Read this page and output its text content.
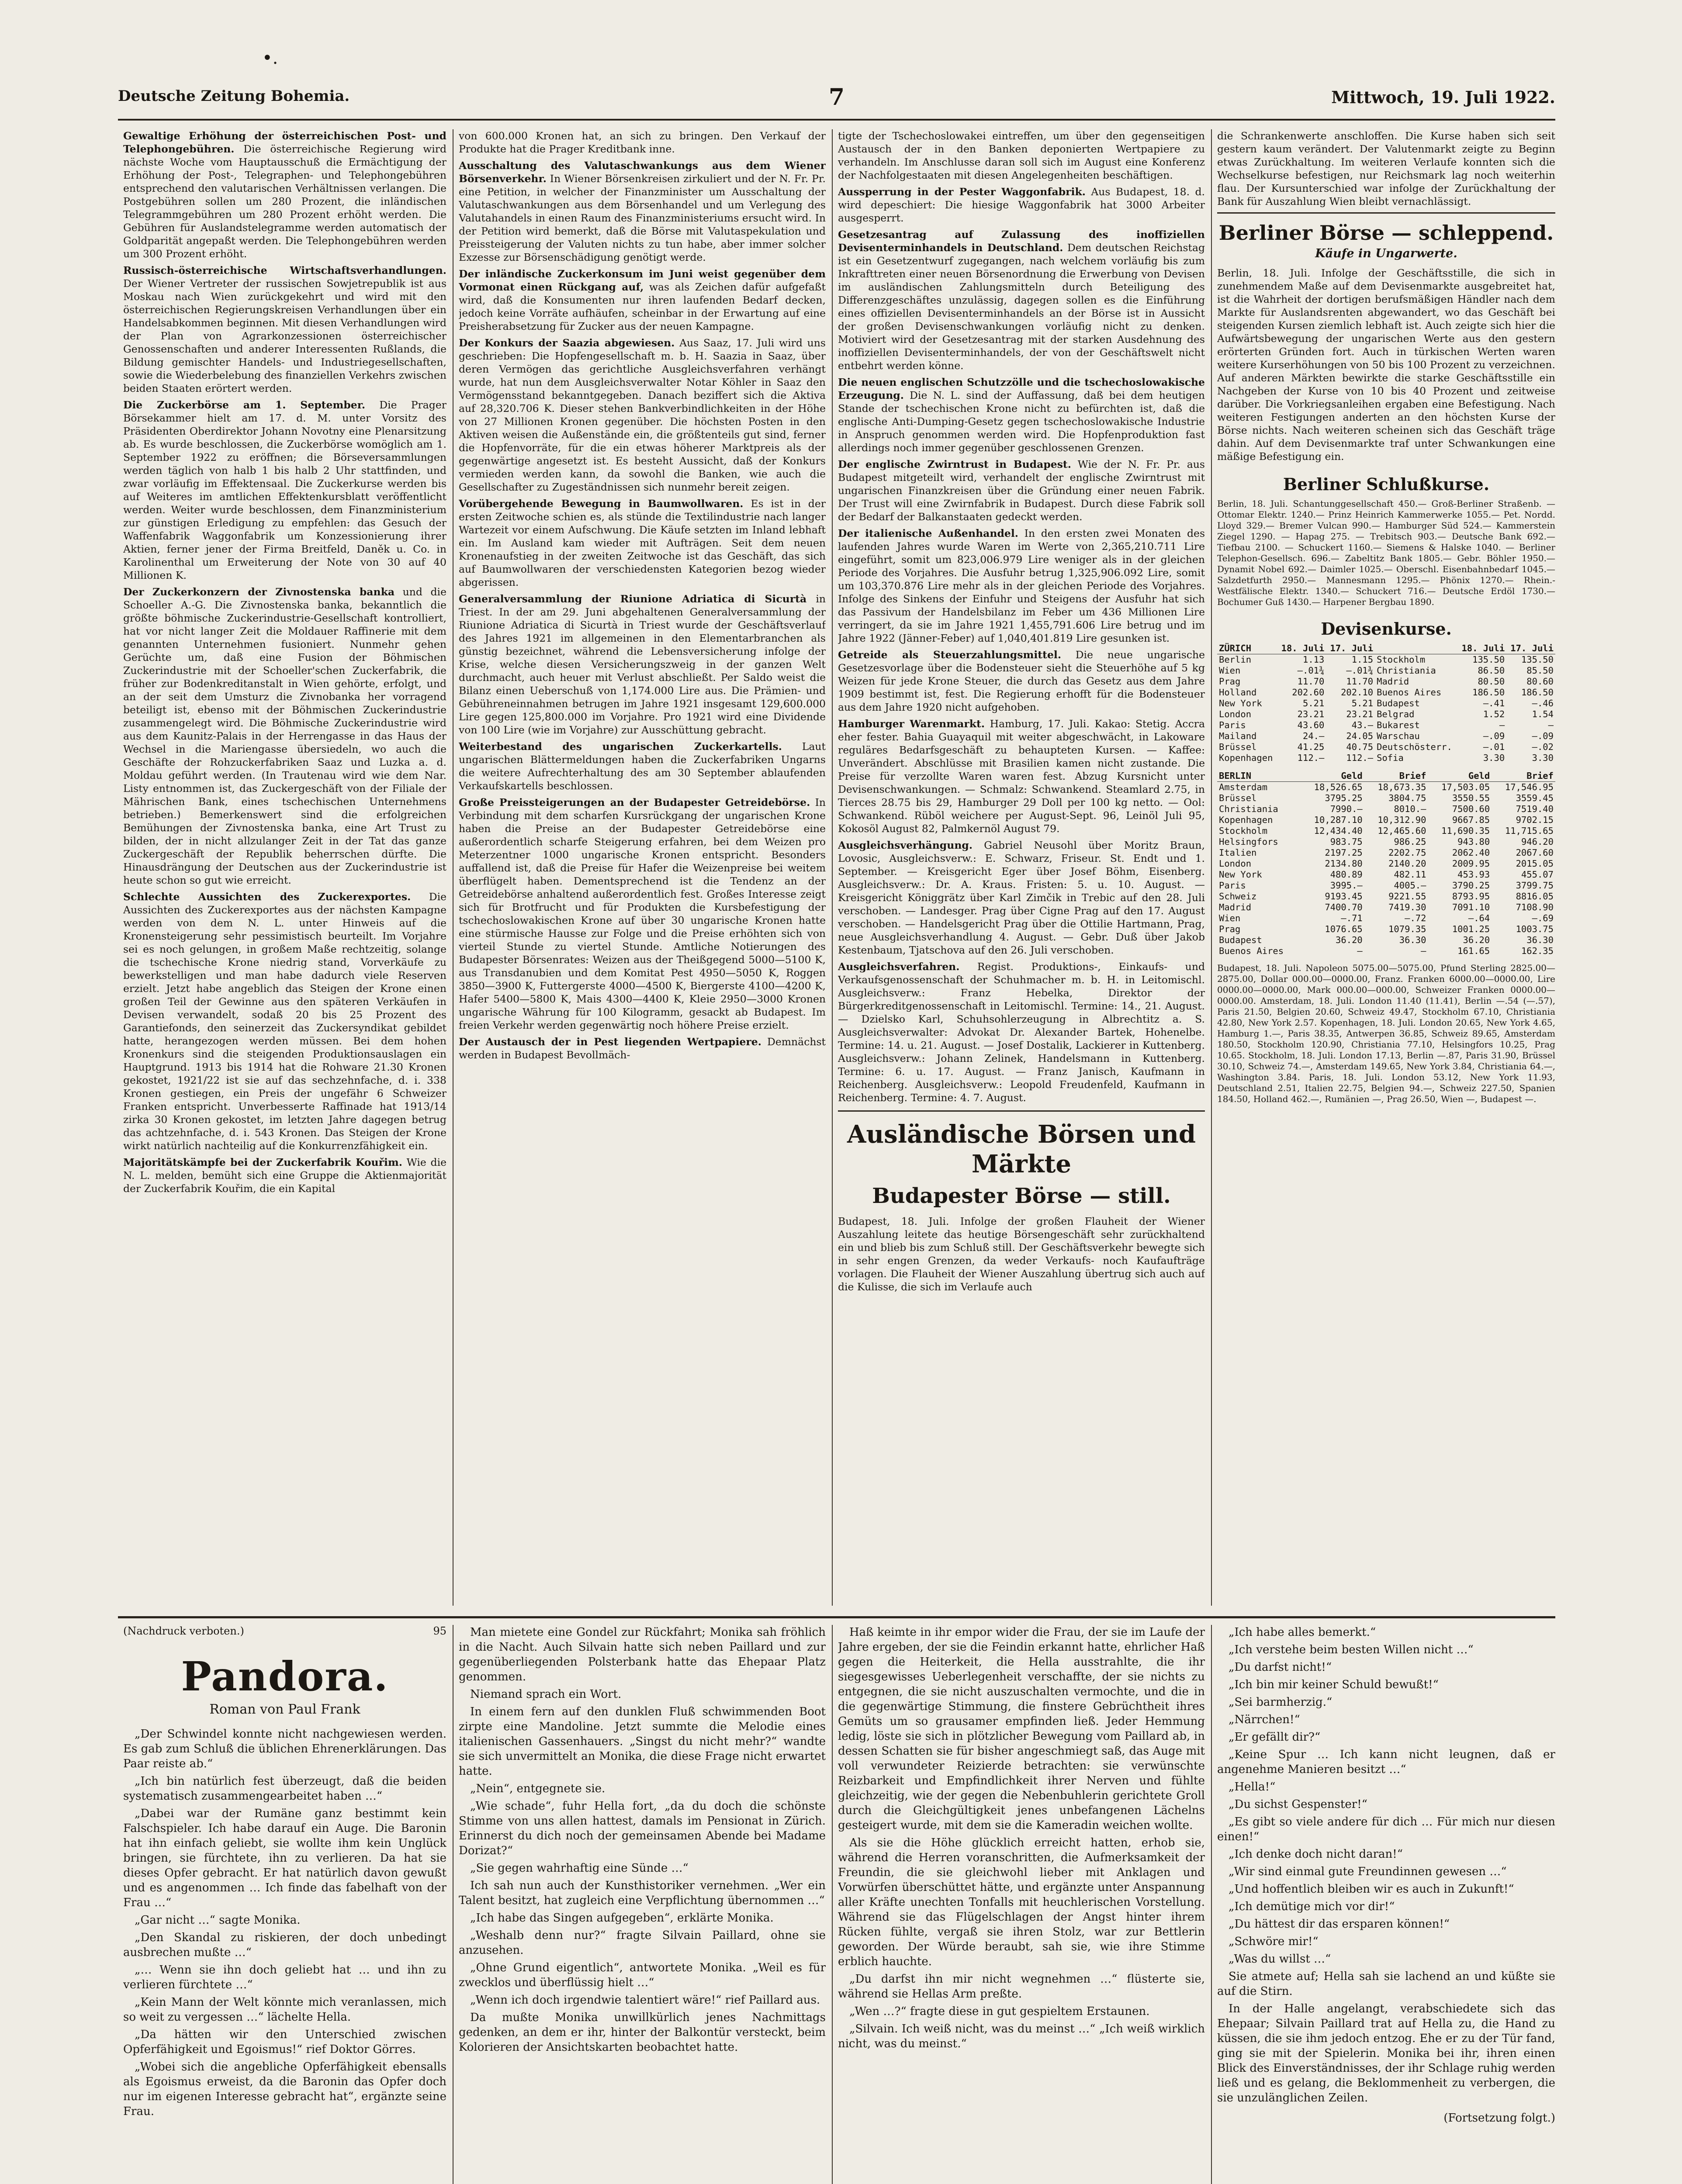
•.
Deutsche Zeitung Bohemia.	7	Mittwoch, 19. Juli 1922.

Gewaltige Erhöhung der österreichischen Post- und Telephongebühren. Die österreichische Regierung wird nächste Woche vom Hauptausschuß die Ermächtigung der Erhöhung der Post-, Telegraphen- und Telephongebühren entsprechend den valutarischen Verhältnissen verlangen. Die Postgebühren sollen um 280 Prozent, die inländischen Telegrammgebühren um 280 Prozent erhöht werden. Die Gebühren für Auslandstelegramme werden automatisch der Goldparität angepaßt werden. Die Telephongebühren werden um 300 Prozent erhöht.

Russisch-österreichische Wirtschaftsverhandlungen. Der Wiener Vertreter der russischen Sowjetrepublik ist aus Moskau nach Wien zurückgekehrt und wird mit den österreichischen Regierungskreisen Verhandlungen über ein Handelsabkommen beginnen. Mit diesen Verhandlungen wird der Plan von Agrarkonzessionen österreichischer Genossenschaften und anderer Interessenten Rußlands, die Bildung gemischter Handels- und Industriegesellschaften, sowie die Wiederbelebung des finanziellen Verkehrs zwischen beiden Staaten erörtert werden.

Die Zuckerbörse am 1. September. Die Prager Börsekammer hielt am 17. d. M. unter Vorsitz des Präsidenten Oberdirektor Johann Novotny eine Plenarsitzung ab. Es wurde beschlossen, die Zuckerbörse womöglich am 1. September 1922 zu eröffnen; die Börseversammlungen werden täglich von halb 1 bis halb 2 Uhr stattfinden, und zwar vorläufig im Effektensaal. Die Zuckerkurse werden bis auf Weiteres im amtlichen Effektenkursblatt veröffentlicht werden. Weiter wurde beschlossen, dem Finanzministerium zur günstigen Erledigung zu empfehlen: das Gesuch der Waffenfabrik Waggonfabrik um Konzessionierung ihrer Aktien, ferner jener der Firma Breitfeld, Daněk u. Co. in Karolinenthal um Erweiterung der Note von 30 auf 40 Millionen K.

Der Zuckerkonzern der Zivnostenska banka und die Schoeller A.-G. Die Zivnostenska banka, bekanntlich die größte böhmische Zuckerindustrie-Gesellschaft kontrolliert, hat vor nicht langer Zeit die Moldauer Raffinerie mit dem genannten Unternehmen fusioniert. Nunmehr gehen Gerüchte um, daß eine Fusion der Böhmischen Zuckerindustrie mit der Schoeller'schen Zuckerfabrik, die früher zur Bodenkreditanstalt in Wien gehörte, erfolgt, und an der seit dem Umsturz die Zivnobanka her vorragend beteiligt ist, ebenso mit der Böhmischen Zuckerindustrie zusammengelegt wird. Die Böhmische Zuckerindustrie wird aus dem Kaunitz-Palais in der Herrengasse in das Haus der Wechsel in die Mariengasse übersiedeln, wo auch die Geschäfte der Rohzuckerfabriken Saaz und Luzka a. d. Moldau geführt werden. (In Trautenau wird wie dem Nar. Listy entnommen ist, das Zuckergeschäft von der Filiale der Mährischen Bank, eines tschechischen Unternehmens betrieben.) Bemerkenswert sind die erfolgreichen Bemühungen der Zivnostenska banka, eine Art Trust zu bilden, der in nicht allzulanger Zeit in der Tat das ganze Zuckergeschäft der Republik beherrschen dürfte. Die Hinausdrängung der Deutschen aus der Zuckerindustrie ist heute schon so gut wie erreicht.

Schlechte Aussichten des Zuckerexportes. Die Aussichten des Zuckerexportes aus der nächsten Kampagne werden von dem N. L. unter Hinweis auf die Kronensteigerung sehr pessimistisch beurteilt. Im Vorjahre sei es noch gelungen, in großem Maße rechtzeitig, solange die tschechische Krone niedrig stand, Vorverkäufe zu bewerkstelligen und man habe dadurch viele Reserven erzielt. Jetzt habe angeblich das Steigen der Krone einen großen Teil der Gewinne aus den späteren Verkäufen in Devisen verwandelt, sodaß 20 bis 25 Prozent des Garantiefonds, den seinerzeit das Zuckersyndikat gebildet hatte, herangezogen werden müssen. Bei dem hohen Kronenkurs sind die steigenden Produktionsauslagen ein Hauptgrund. 1913 bis 1914 hat die Rohware 21.30 Kronen gekostet, 1921/22 ist sie auf das sechzehnfache, d. i. 338 Kronen gestiegen, ein Preis der ungefähr 6 Schweizer Franken entspricht. Unverbesserte Raffinade hat 1913/14 zirka 30 Kronen gekostet, im letzten Jahre dagegen betrug das achtzehnfache, d. i. 543 Kronen. Das Steigen der Krone wirkt natürlich nachteilig auf die Konkurrenzfähigkeit ein.

Majoritätskämpfe bei der Zuckerfabrik Kouřim. Wie die N. L. melden, bemüht sich eine Gruppe die Aktienmajorität der Zuckerfabrik Kouřim, die ein Kapital

von 600.000 Kronen hat, an sich zu bringen. Den Verkauf der Produkte hat die Prager Kreditbank inne.

Ausschaltung des Valutaschwankungs aus dem Wiener Börsenverkehr. In Wiener Börsenkreisen zirkuliert und der N. Fr. Pr. eine Petition, in welcher der Finanzminister um Ausschaltung der Valutaschwankungen aus dem Börsenhandel und um Verlegung des Valutahandels in einen Raum des Finanzministeriums ersucht wird. In der Petition wird bemerkt, daß die Börse mit Valutaspekulation und Preissteigerung der Valuten nichts zu tun habe, aber immer solcher Exzesse zur Börsenschädigung genötigt werde.

Der inländische Zuckerkonsum im Juni weist gegenüber dem Vormonat einen Rückgang auf, was als Zeichen dafür aufgefaßt wird, daß die Konsumenten nur ihren laufenden Bedarf decken, jedoch keine Vorräte aufhäufen, scheinbar in der Erwartung auf eine Preisherabsetzung für Zucker aus der neuen Kampagne.

Der Konkurs der Saazia abgewiesen. Aus Saaz, 17. Juli wird uns geschrieben: Die Hopfengesellschaft m. b. H. Saazia in Saaz, über deren Vermögen das gerichtliche Ausgleichsverfahren verhängt wurde, hat nun dem Ausgleichsverwalter Notar Köhler in Saaz den Vermögensstand bekanntgegeben. Danach beziffert sich die Aktiva auf 28,320.706 K. Dieser stehen Bankverbindlichkeiten in der Höhe von 27 Millionen Kronen gegenüber. Die höchsten Posten in den Aktiven weisen die Außenstände ein, die größtenteils gut sind, ferner die Hopfenvorräte, für die ein etwas höherer Marktpreis als der gegenwärtige angesetzt ist. Es besteht Aussicht, daß der Konkurs vermieden werden kann, da sowohl die Banken, wie auch die Gesellschafter zu Zugeständnissen sich nunmehr bereit zeigen.

Vorübergehende Bewegung in Baumwollwaren. Es ist in der ersten Zeitwoche schien es, als stünde die Textilindustrie nach langer Wartezeit vor einem Aufschwung. Die Käufe setzten im Inland lebhaft ein. Im Ausland kam wieder mit Aufträgen. Seit dem neuen Kronenaufstieg in der zweiten Zeitwoche ist das Geschäft, das sich auf Baumwollwaren der verschiedensten Kategorien bezog wieder abgerissen.

Generalversammlung der Riunione Adriatica di Sicurtà in Triest. In der am 29. Juni abgehaltenen Generalversammlung der Riunione Adriatica di Sicurtà in Triest wurde der Geschäftsverlauf des Jahres 1921 im allgemeinen in den Elementarbranchen als günstig bezeichnet, während die Lebensversicherung infolge der Krise, welche diesen Versicherungszweig in der ganzen Welt durchmacht, auch heuer mit Verlust abschließt. Per Saldo weist die Bilanz einen Ueberschuß von 1,174.000 Lire aus. Die Prämien- und Gebühreneinnahmen betrugen im Jahre 1921 insgesamt 129,600.000 Lire gegen 125,800.000 im Vorjahre. Pro 1921 wird eine Dividende von 100 Lire (wie im Vorjahre) zur Ausschüttung gebracht.

Weiterbestand des ungarischen Zuckerkartells. Laut ungarischen Blättermeldungen haben die Zuckerfabriken Ungarns die weitere Aufrechterhaltung des am 30 September ablaufenden Verkaufskartells beschlossen.

Große Preissteigerungen an der Budapester Getreidebörse. In Verbindung mit dem scharfen Kursrückgang der ungarischen Krone haben die Preise an der Budapester Getreidebörse eine außerordentlich scharfe Steigerung erfahren, bei dem Weizen pro Meterzentner 1000 ungarische Kronen entspricht. Besonders auffallend ist, daß die Preise für Hafer die Weizenpreise bei weitem überflügelt haben. Dementsprechend ist die Tendenz an der Getreidebörse anhaltend außerordentlich fest. Großes Interesse zeigt sich für Brotfrucht und für Produkten die Kursbefestigung der tschechoslowakischen Krone auf über 30 ungarische Kronen hatte eine stürmische Hausse zur Folge und die Preise erhöhten sich von vierteil Stunde zu viertel Stunde. Amtliche Notierungen des Budapester Börsenrates: Weizen aus der Theißgegend 5000—5100 K, aus Transdanubien und dem Komitat Pest 4950—5050 K, Roggen 3850—3900 K, Futtergerste 4000—4500 K, Biergerste 4100—4200 K, Hafer 5400—5800 K, Mais 4300—4400 K, Kleie 2950—3000 Kronen ungarische Währung für 100 Kilogramm, gesackt ab Budapest. Im freien Verkehr werden gegenwärtig noch höhere Preise erzielt.

Der Austausch der in Pest liegenden Wertpapiere. Demnächst werden in Budapest Bevollmäch-

tigte der Tschechoslowakei eintreffen, um über den gegenseitigen Austausch der in den Banken deponierten Wertpapiere zu verhandeln. Im Anschlusse daran soll sich im August eine Konferenz der Nachfolgestaaten mit diesen Angelegenheiten beschäftigen.

Aussperrung in der Pester Waggonfabrik. Aus Budapest, 18. d. wird depeschiert: Die hiesige Waggonfabrik hat 3000 Arbeiter ausgesperrt.

Gesetzesantrag auf Zulassung des inoffiziellen Devisenterminhandels in Deutschland. Dem deutschen Reichstag ist ein Gesetzentwurf zugegangen, nach welchem vorläufig bis zum Inkrafttreten einer neuen Börsenordnung die Erwerbung von Devisen im ausländischen Zahlungsmitteln durch Beteiligung des Differenzgeschäftes unzulässig, dagegen sollen es die Einführung eines offiziellen Devisenterminhandels an der Börse ist in Aussicht der großen Devisenschwankungen vorläufig nicht zu denken. Motiviert wird der Gesetzesantrag mit der starken Ausdehnung des inoffiziellen Devisenterminhandels, der von der Geschäftswelt nicht entbehrt werden könne.

Die neuen englischen Schutzzölle und die tschechoslowakische Erzeugung. Die N. L. sind der Auffassung, daß bei dem heutigen Stande der tschechischen Krone nicht zu befürchten ist, daß die englische Anti-Dumping-Gesetz gegen tschechoslowakische Industrie in Anspruch genommen werden wird. Die Hopfenproduktion fast allerdings noch immer gegenüber geschlossenen Grenzen.

Der englische Zwirntrust in Budapest. Wie der N. Fr. Pr. aus Budapest mitgeteilt wird, verhandelt der englische Zwirntrust mit ungarischen Finanzkreisen über die Gründung einer neuen Fabrik. Der Trust will eine Zwirnfabrik in Budapest. Durch diese Fabrik soll der Bedarf der Balkanstaaten gedeckt werden.

Der italienische Außenhandel. In den ersten zwei Monaten des laufenden Jahres wurde Waren im Werte von 2,365,210.711 Lire eingeführt, somit um 823,006.979 Lire weniger als in der gleichen Periode des Vorjahres. Die Ausfuhr betrug 1,325,906.092 Lire, somit um 103,370.876 Lire mehr als in der gleichen Periode des Vorjahres. Infolge des Sinkens der Einfuhr und Steigens der Ausfuhr hat sich das Passivum der Handelsbilanz im Feber um 436 Millionen Lire verringert, da sie im Jahre 1921 1,455,791.606 Lire betrug und im Jahre 1922 (Jänner-Feber) auf 1,040,401.819 Lire gesunken ist.

Getreide als Steuerzahlungsmittel. Die neue ungarische Gesetzesvorlage über die Bodensteuer sieht die Steuerhöhe auf 5 kg Weizen für jede Krone Steuer, die durch das Gesetz aus dem Jahre 1909 bestimmt ist, fest. Die Regierung erhofft für die Bodensteuer aus dem Jahre 1920 nicht aufgehoben.

Hamburger Warenmarkt. Hamburg, 17. Juli. Kakao: Stetig. Accra eher fester. Bahia Guayaquil mit weiter abgeschwächt, in Lakoware reguläres Bedarfsgeschäft zu behaupteten Kursen. — Kaffee: Unverändert. Abschlüsse mit Brasilien kamen nicht zustande. Die Preise für verzollte Waren waren fest. Abzug Kursnicht unter Devisenschwankungen. — Schmalz: Schwankend. Steamlard 2.75, in Tierces 28.75 bis 29, Hamburger 29 Doll per 100 kg netto. — Ool: Schwankend. Rüböl weichere per August-Sept. 96, Leinöl Juli 95, Kokosöl August 82, Palmkernöl August 79.

Ausgleichsverhängung. Gabriel Neusohl über Moritz Braun, Lovosic, Ausgleichsverw.: E. Schwarz, Friseur. St. Endt und 1. September. — Kreisgericht Eger über Josef Böhm, Eisenberg. Ausgleichsverw.: Dr. A. Kraus. Fristen: 5. u. 10. August. — Kreisgericht Königgrätz über Karl Zimčik in Trebic auf den 28. Juli verschoben. — Landesger. Prag über Cigne Prag auf den 17. August verschoben. — Handelsgericht Prag über die Ottilie Hartmann, Prag, neue Ausgleichsverhandlung 4. August. — Gebr. Duß über Jakob Kestenbaum, Tjatschova auf den 26. Juli verschoben.

Ausgleichsverfahren. Regist. Produktions-, Einkaufs- und Verkaufsgenossenschaft der Schuhmacher m. b. H. in Leitomischl. Ausgleichsverw.: Franz Hebelka, Direktor der Bürgerkreditgenossenschaft in Leitomischl. Termine: 14., 21. August. — Dzielsko Karl, Schuhsohlerzeugung in Albrechtitz a. S. Ausgleichsverwalter: Advokat Dr. Alexander Bartek, Hohenelbe. Termine: 14. u. 21. August. — Josef Dostalik, Lackierer in Kuttenberg. Ausgleichsverw.: Johann Zelinek, Handelsmann in Kuttenberg. Termine: 6. u. 17. August. — Franz Janisch, Kaufmann in Reichenberg. Ausgleichsverw.: Leopold Freudenfeld, Kaufmann in Reichenberg. Termine: 4. 7. August.

Ausländische Börsen und Märkte
Budapester Börse — still.

Budapest, 18. Juli. Infolge der großen Flauheit der Wiener Auszahlung leitete das heutige Börsengeschäft sehr zurückhaltend ein und blieb bis zum Schluß still. Der Geschäftsverkehr bewegte sich in sehr engen Grenzen, da weder Verkaufs- noch Kaufaufträge vorlagen. Die Flauheit der Wiener Auszahlung übertrug sich auch auf die Kulisse, die sich im Verlaufe auch

die Schrankenwerte anschloffen. Die Kurse haben sich seit gestern kaum verändert. Der Valutenmarkt zeigte zu Beginn etwas Zurückhaltung. Im weiteren Verlaufe konnten sich die Wechselkurse befestigen, nur Reichsmark lag noch weiterhin flau. Der Kursunterschied war infolge der Zurückhaltung der Bank für Auszahlung Wien bleibt vernachlässigt.

Berliner Börse — schleppend.
Käufe in Ungarwerte.

Berlin, 18. Juli. Infolge der Geschäftsstille, die sich in zunehmendem Maße auf dem Devisenmarkte ausgebreitet hat, ist die Wahrheit der dortigen berufsmäßigen Händler nach dem Markte für Auslandsrenten abgewandert, wo das Geschäft bei steigenden Kursen ziemlich lebhaft ist. Auch zeigte sich hier die Aufwärtsbewegung der ungarischen Werte aus den gestern erörterten Gründen fort. Auch in türkischen Werten waren weitere Kurserhöhungen von 50 bis 100 Prozent zu verzeichnen. Auf anderen Märkten bewirkte die starke Geschäftsstille ein Nachgeben der Kurse von 10 bis 40 Prozent und zeitweise darüber. Die Vorkriegsanleihen ergaben eine Befestigung. Nach weiteren Festigungen anderten an den höchsten Kurse der Börse nichts. Nach weiteren scheinen sich das Geschäft träge dahin. Auf dem Devisenmarkte traf unter Schwankungen eine mäßige Befestigung ein.

Berliner Schlußkurse.

Berlin, 18. Juli. Schantunggesellschaft 450.— Groß-Berliner Straßenb. — Ottomar Elektr. 1240.— Prinz Heinrich Kammerwerke 1055.— Pet. Nordd. Lloyd 329.— Bremer Vulcan 990.— Hamburger Süd 524.— Kammerstein Ziegel 1290. — Hapag 275. — Trebitsch 903.— Deutsche Bank 692.— Tiefbau 2100. — Schuckert 1160.— Siemens & Halske 1040. — Berliner Telephon-Gesellsch. 696.— Zabeltitz Bank 1805.— Gebr. Böhler 1950.— Dynamit Nobel 692.— Daimler 1025.— Oberschl. Eisenbahnbedarf 1045.— Salzdetfurth 2950.— Mannesmann 1295.— Phönix 1270.— Rhein.-Westfälische Elektr. 1340.— Schuckert 716.— Deutsche Erdöl 1730.— Bochumer Guß 1430.— Harpener Bergbau 1890.

Devisenkurse.
ZÜRICH	18. Juli	17. Juli		18. Juli	17. Juli
Berlin	1.13	1.15	Stockholm	135.50	135.50
Wien	—.01¾	—.01¾	Christiania	86.50	85.50
Prag	11.70	11.70	Madrid	80.50	80.60
Holland	202.60	202.10	Buenos Aires	186.50	186.50
New York	5.21	5.21	Budapest	—.41	—.46
London	23.21	23.21	Belgrad	1.52	1.54
Paris	43.60	43.—	Bukarest	—	—
Mailand	24.—	24.05	Warschau	—.09	—.09
Brüssel	41.25	40.75	Deutschösterr.	—.01	—.02
Kopenhagen	112.—	112.—	Sofia	3.30	3.30
BERLIN	Geld	Brief	Geld	Brief
Amsterdam	18,526.65	18,673.35	17,503.05	17,546.95
Brüssel	3795.25	3804.75	3550.55	3559.45
Christiania	7990.—	8010.—	7500.60	7519.40
Kopenhagen	10,287.10	10,312.90	9667.85	9702.15
Stockholm	12,434.40	12,465.60	11,690.35	11,715.65
Helsingfors	983.75	986.25	943.80	946.20
Italien	2197.25	2202.75	2062.40	2067.60
London	2134.80	2140.20	2009.95	2015.05
New York	480.89	482.11	453.93	455.07
Paris	3995.—	4005.—	3790.25	3799.75
Schweiz	9193.45	9221.55	8793.95	8816.05
Madrid	7400.70	7419.30	7091.10	7108.90
Wien	—.71	—.72	—.64	—.69
Prag	1076.65	1079.35	1001.25	1003.75
Budapest	36.20	36.30	36.20	36.30
Buenos Aires	—	—	161.65	162.35

Budapest, 18. Juli. Napoleon 5075.00—5075.00, Pfund Sterling 2825.00—2875.00, Dollar 000.00—0000.00, Franz. Franken 6000.00—0000.00, Lire 0000.00—0000.00, Mark 000.00—000.00, Schweizer Franken 0000.00—0000.00. Amsterdam, 18. Juli. London 11.40 (11.41), Berlin —.54 (—.57), Paris 21.50, Belgien 20.60, Schweiz 49.47, Stockholm 67.10, Christiania 42.80, New York 2.57. Kopenhagen, 18. Juli. London 20.65, New York 4.65, Hamburg 1.—, Paris 38.35, Antwerpen 36.85, Schweiz 89.65, Amsterdam 180.50, Stockholm 120.90, Christiania 77.10, Helsingfors 10.25, Prag 10.65. Stockholm, 18. Juli. London 17.13, Berlin —.87, Paris 31.90, Brüssel 30.10, Schweiz 74.—, Amsterdam 149.65, New York 3.84, Christiania 64.—, Washington 3.84. Paris, 18. Juli. London 53.12, New York 11.93, Deutschland 2.51, Italien 22.75, Belgien 94.—, Schweiz 227.50, Spanien 184.50, Holland 462.—, Rumänien —, Prag 26.50, Wien —, Budapest —.

(Nachdruck verboten.)	95
Pandora.
Roman von Paul Frank

„Der Schwindel konnte nicht nachgewiesen werden. Es gab zum Schluß die üblichen Ehrenerklärungen. Das Paar reiste ab.“

„Ich bin natürlich fest überzeugt, daß die beiden systematisch zusammengearbeitet haben …“

„Dabei war der Rumäne ganz bestimmt kein Falschspieler. Ich habe darauf ein Auge. Die Baronin hat ihn einfach geliebt, sie wollte ihm kein Unglück bringen, sie fürchtete, ihn zu verlieren. Da hat sie dieses Opfer gebracht. Er hat natürlich davon gewußt und es angenommen … Ich finde das fabelhaft von der Frau …“

„Gar nicht …“ sagte Monika.

„Den Skandal zu riskieren, der doch unbedingt ausbrechen mußte …“

„… Wenn sie ihn doch geliebt hat … und ihn zu verlieren fürchtete …“

„Kein Mann der Welt könnte mich veranlassen, mich so weit zu vergessen …“ lächelte Hella.

„Da hätten wir den Unterschied zwischen Opferfähigkeit und Egoismus!“ rief Doktor Görres.

„Wobei sich die angebliche Opferfähigkeit ebensalls als Egoismus erweist, da die Baronin das Opfer doch nur im eigenen Interesse gebracht hat“, ergänzte seine Frau.

Man mietete eine Gondel zur Rückfahrt; Monika sah fröhlich in die Nacht. Auch Silvain hatte sich neben Paillard und zur gegenüberliegenden Polsterbank hatte das Ehepaar Platz genommen.

Niemand sprach ein Wort.

In einem fern auf den dunklen Fluß schwimmenden Boot zirpte eine Mandoline. Jetzt summte die Melodie eines italienischen Gassenhauers. „Singst du nicht mehr?“ wandte sie sich unvermittelt an Monika, die diese Frage nicht erwartet hatte.

„Nein“, entgegnete sie.

„Wie schade“, fuhr Hella fort, „da du doch die schönste Stimme von uns allen hattest, damals im Pensionat in Zürich. Erinnerst du dich noch der gemeinsamen Abende bei Madame Dorizat?“

„Sie gegen wahrhaftig eine Sünde …“

Ich sah nun auch der Kunsthistoriker vernehmen. „Wer ein Talent besitzt, hat zugleich eine Verpflichtung übernommen …“

„Ich habe das Singen aufgegeben“, erklärte Monika.

„Weshalb denn nur?“ fragte Silvain Paillard, ohne sie anzusehen.

„Ohne Grund eigentlich“, antwortete Monika. „Weil es für zwecklos und überflüssig hielt …“

„Wenn ich doch irgendwie talentiert wäre!“ rief Paillard aus.

Da mußte Monika unwillkürlich jenes Nachmittags gedenken, an dem er ihr, hinter der Balkontür versteckt, beim Kolorieren der Ansichtskarten beobachtet hatte.

Haß keimte in ihr empor wider die Frau, der sie im Laufe der Jahre ergeben, der sie die Feindin erkannt hatte, ehrlicher Haß gegen die Heiterkeit, die Hella ausstrahlte, die ihr siegesgewisses Ueberlegenheit verschaffte, der sie nichts zu entgegnen, die sie nicht auszuschalten vermochte, und die in die gegenwärtige Stimmung, die finstere Gebrüchtheit ihres Gemüts um so grausamer empfinden ließ. Jeder Hemmung ledig, löste sie sich in plötzlicher Bewegung vom Paillard ab, in dessen Schatten sie für bisher angeschmiegt saß, das Auge mit voll verwundeter Reizierde betrachten: sie verwünschte Reizbarkeit und Empfindlichkeit ihrer Nerven und fühlte gleichzeitig, wie der gegen die Nebenbuhlerin gerichtete Groll durch die Gleichgültigkeit jenes unbefangenen Lächelns gesteigert wurde, mit dem sie die Kameradin weichen wollte.

Als sie die Höhe glücklich erreicht hatten, erhob sie, während die Herren voranschritten, die Aufmerksamkeit der Freundin, die sie gleichwohl lieber mit Anklagen und Vorwürfen überschüttet hätte, und ergänzte unter Anspannung aller Kräfte unechten Tonfalls mit heuchlerischen Vorstellung. Während sie das Flügelschlagen der Angst hinter ihrem Rücken fühlte, vergaß sie ihren Stolz, war zur Bettlerin geworden. Der Würde beraubt, sah sie, wie ihre Stimme erblich hauchte.

„Du darfst ihn mir nicht wegnehmen …“ flüsterte sie, während sie Hellas Arm preßte.

„Wen …?“ fragte diese in gut gespieltem Erstaunen.

„Silvain. Ich weiß nicht, was du meinst …“ „Ich weiß wirklich nicht, was du meinst.“

„Ich habe alles bemerkt.“

„Ich verstehe beim besten Willen nicht …“

„Du darfst nicht!“

„Ich bin mir keiner Schuld bewußt!“

„Sei barmherzig.“

„Närrchen!“

„Er gefällt dir?“

„Keine Spur … Ich kann nicht leugnen, daß er angenehme Manieren besitzt …“

„Hella!“

„Du sichst Gespenster!“

„Es gibt so viele andere für dich … Für mich nur diesen einen!“

„Ich denke doch nicht daran!“

„Wir sind einmal gute Freundinnen gewesen …“

„Und hoffentlich bleiben wir es auch in Zukunft!“

„Ich demütige mich vor dir!“

„Du hättest dir das ersparen können!“

„Schwöre mir!“

„Was du willst …“

Sie atmete auf; Hella sah sie lachend an und küßte sie auf die Stirn.

In der Halle angelangt, verabschiedete sich das Ehepaar; Silvain Paillard trat auf Hella zu, die Hand zu küssen, die sie ihm jedoch entzog. Ehe er zu der Tür fand, ging sie mit der Spielerin. Monika bei ihr, ihren einen Blick des Einverständnisses, der ihr Schlage ruhig werden ließ und es gelang, die Beklommenheit zu verbergen, die sie unzulänglichen Zeilen.

(Fortsetzung folgt.)
